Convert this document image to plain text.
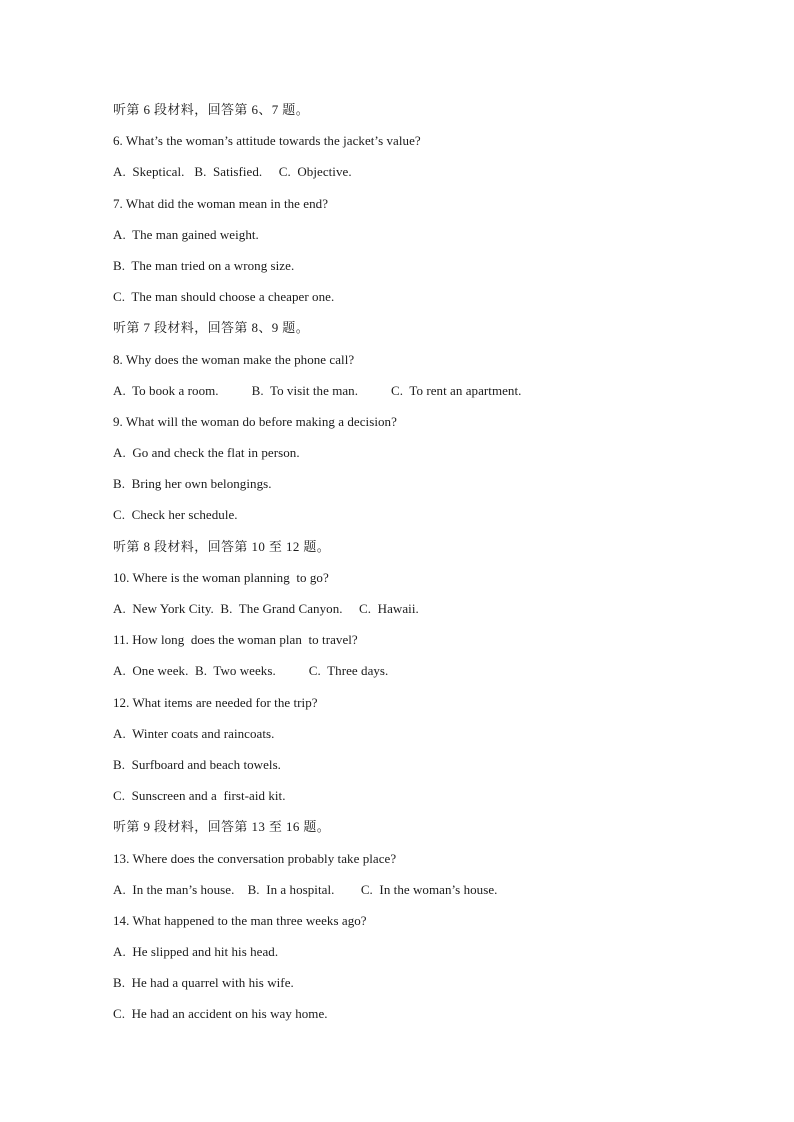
听第 6 段材料，回答第 6、7 题。
6. What’s the woman’s attitude towards the jacket’s value?
A.  Skeptical.   B.  Satisfied.     C.  Objective.
7. What did the woman mean in the end?
A.  The man gained weight.
B.  The man tried on a wrong size.
C.  The man should choose a cheaper one.
听第 7 段材料，回答第 8、9 题。
8. Why does the woman make the phone call?
A.  To book a room.          B.  To visit the man.          C.  To rent an apartment.
9. What will the woman do before making a decision?
A.  Go and check the flat in person.
B.  Bring her own belongings.
C.  Check her schedule.
听第 8 段材料，回答第 10 至 12 题。
10. Where is the woman planning  to go?
A.  New York City.  B.  The Grand Canyon.     C.  Hawaii.
11. How long  does the woman plan  to travel?
A.  One week.  B.  Two weeks.          C.  Three days.
12. What items are needed for the trip?
A.  Winter coats and raincoats.
B.  Surfboard and beach towels.
C.  Sunscreen and a  first-aid kit.
听第 9 段材料，回答第 13 至 16 题。
13. Where does the conversation probably take place?
A.  In the man’s house.    B.  In a hospital.        C.  In the woman’s house.
14. What happened to the man three weeks ago?
A.  He slipped and hit his head.
B.  He had a quarrel with his wife.
C.  He had an accident on his way home.
